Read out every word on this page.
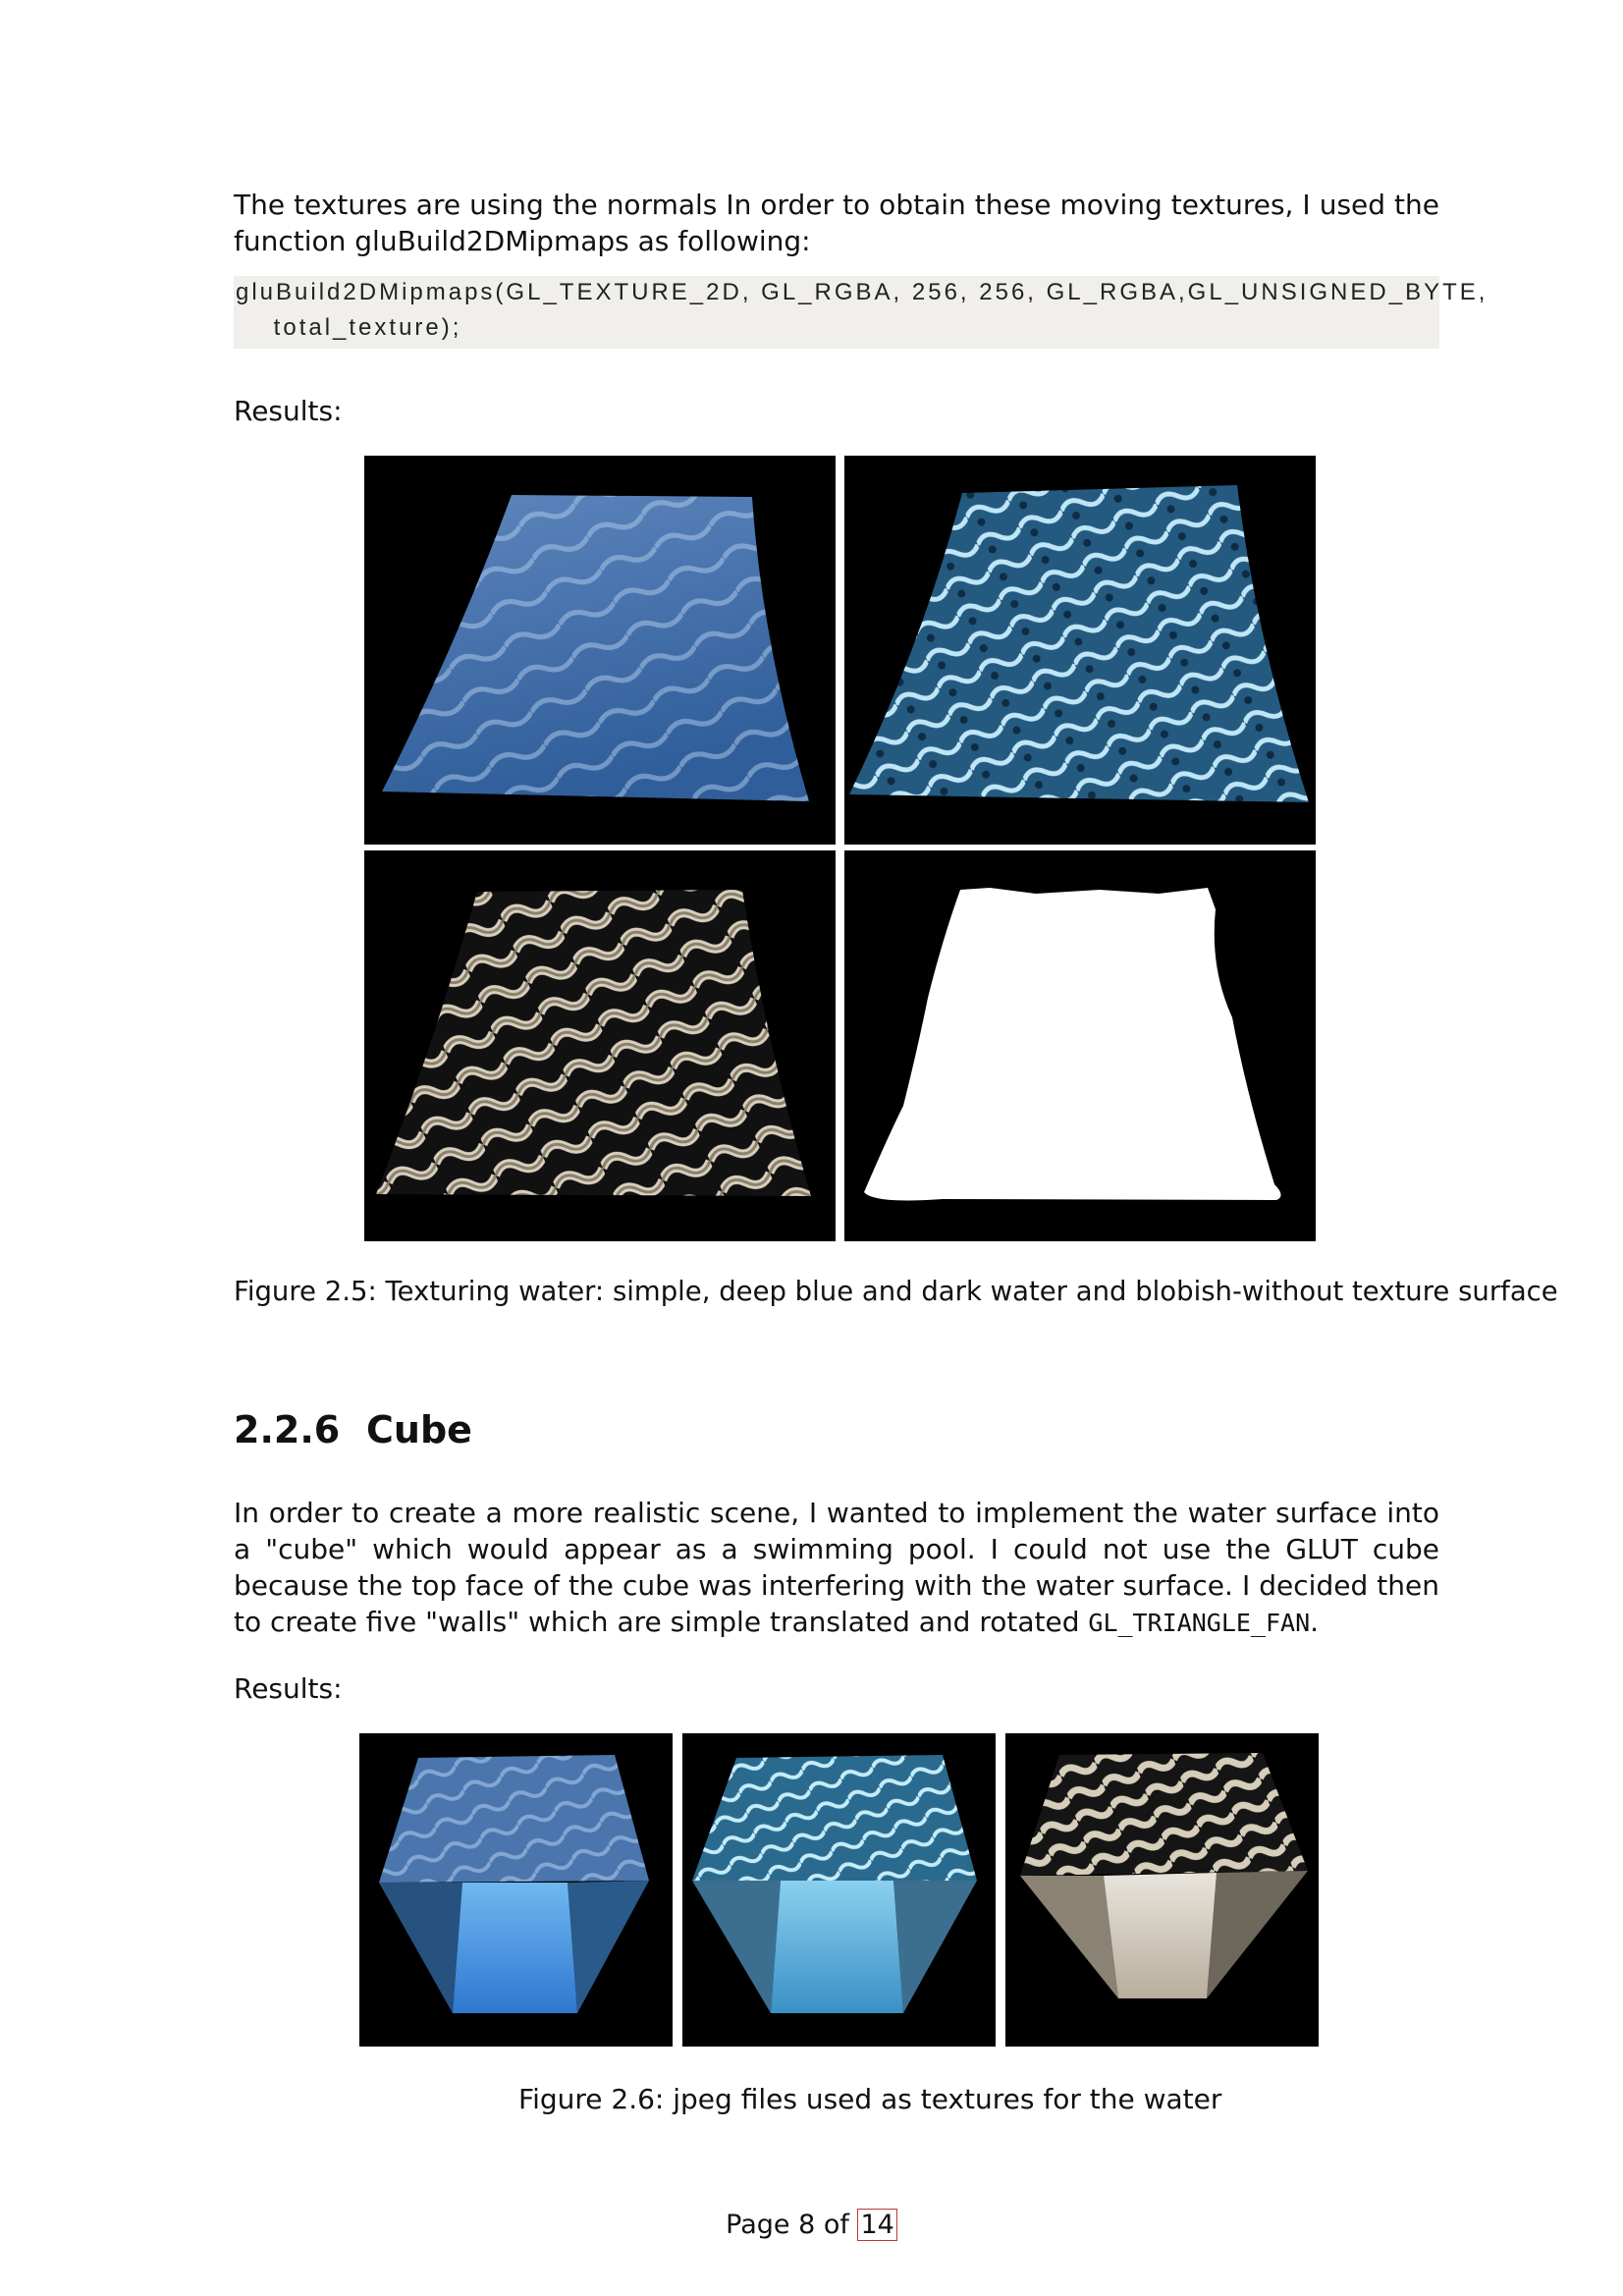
The textures are using the normals In order to obtain these moving textures, I used the function gluBuild2DMipmaps as following:

gluBuild2DMipmaps(GL_TEXTURE_2D, GL_RGBA, 256, 256, GL_RGBA,GL_UNSIGNED_BYTE,
total_texture);
Results:
Figure 2.5: Texturing water: simple, deep blue and dark water and blobish-without texture surface
2.2.6 Cube

In order to create a more realistic scene, I wanted to implement the water surface into a "cube" which would appear as a swimming pool. I could not use the GLUT cube because the top face of the cube was interfering with the water surface. I decided then to create five "walls" which are simple translated and rotated GL_TRIANGLE_FAN.

Results:
Figure 2.6: jpeg files used as textures for the water
Page 8 of 14
